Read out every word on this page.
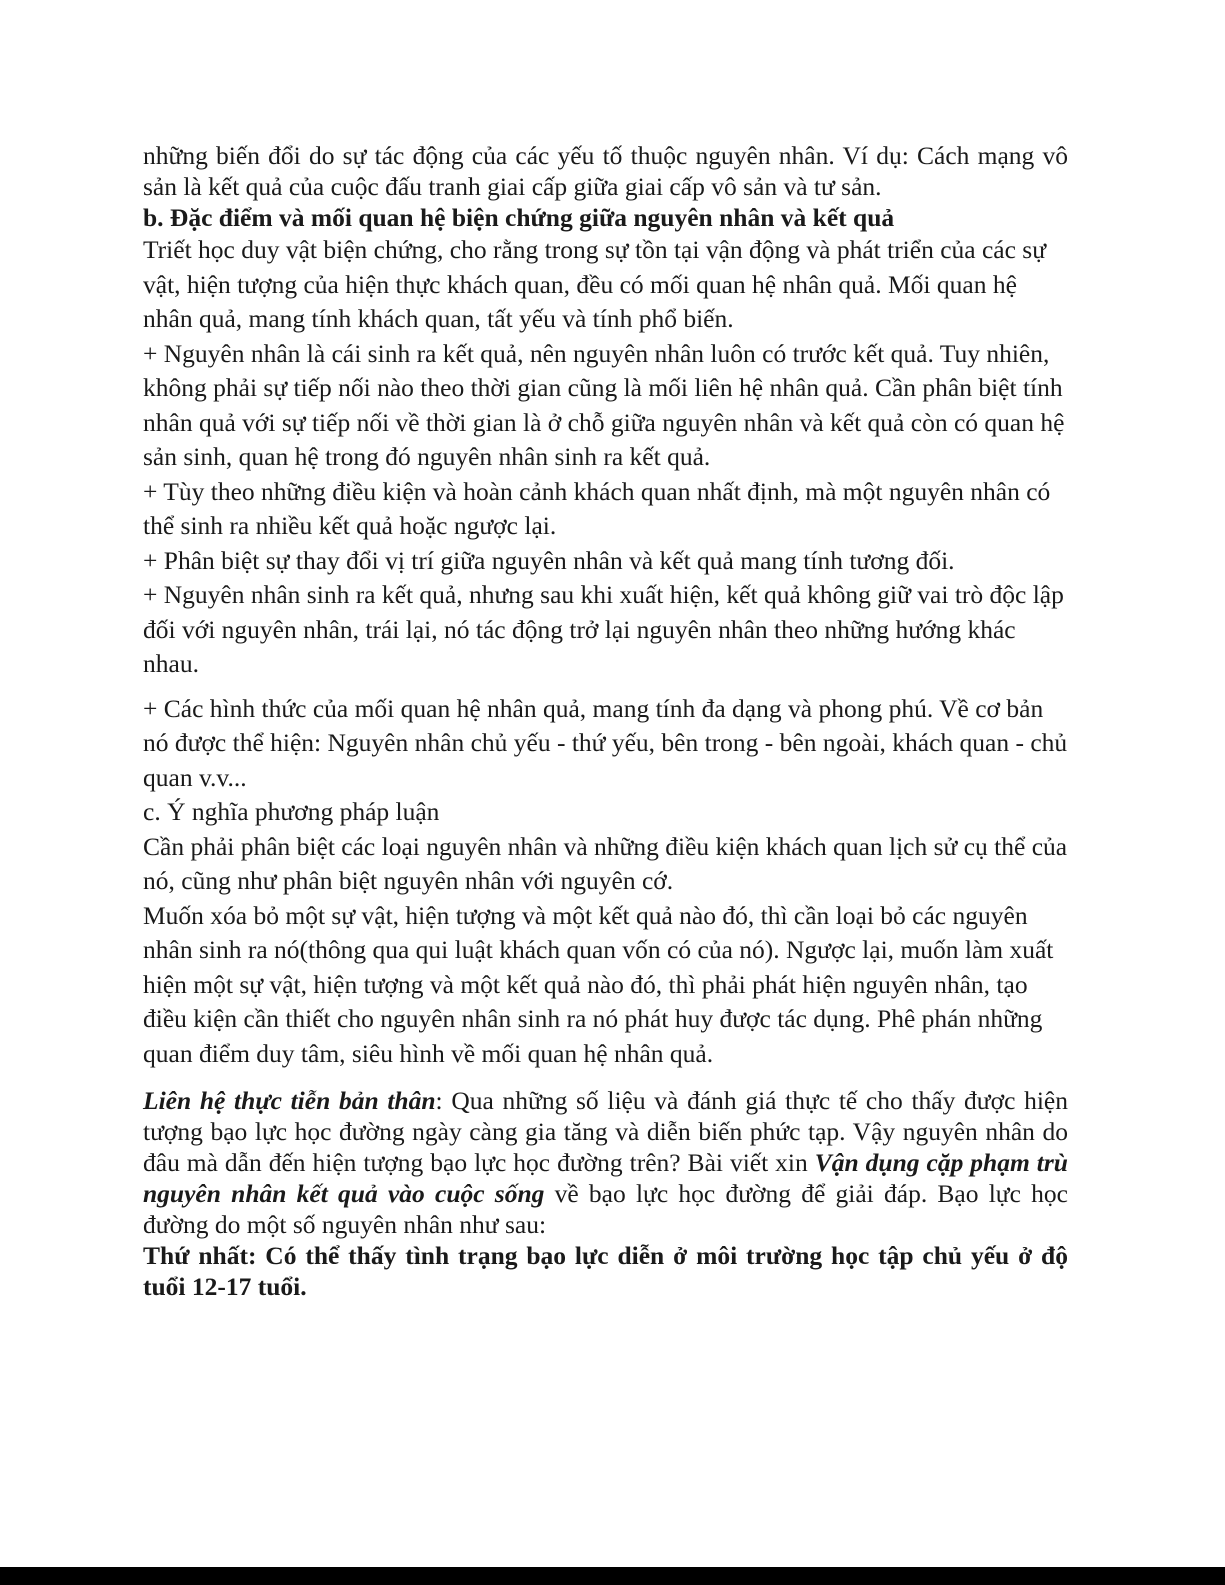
những biến đổi do sự tác động của các yếu tố thuộc nguyên nhân. Ví dụ: Cách mạng vô sản là kết quả của cuộc đấu tranh giai cấp giữa giai cấp vô sản và tư sản.

b. Đặc điểm và mối quan hệ biện chứng giữa nguyên nhân và kết quả

Triết học duy vật biện chứng, cho rằng trong sự tồn tại vận động và phát triển của các sự vật, hiện tượng của hiện thực khách quan, đều có mối quan hệ nhân quả. Mối quan hệ nhân quả, mang tính khách quan, tất yếu và tính phổ biến.

+ Nguyên nhân là cái sinh ra kết quả, nên nguyên nhân luôn có trước kết quả. Tuy nhiên, không phải sự tiếp nối nào theo thời gian cũng là mối liên hệ nhân quả. Cần phân biệt tính nhân quả với sự tiếp nối về thời gian là ở chỗ giữa nguyên nhân và kết quả còn có quan hệ sản sinh, quan hệ trong đó nguyên nhân sinh ra kết quả.

+ Tùy theo những điều kiện và hoàn cảnh khách quan nhất định, mà một nguyên nhân có thể sinh ra nhiều kết quả hoặc ngược lại.

+ Phân biệt sự thay đổi vị trí giữa nguyên nhân và kết quả mang tính tương đối.

+ Nguyên nhân sinh ra kết quả, nhưng sau khi xuất hiện, kết quả không giữ vai trò độc lập đối với nguyên nhân, trái lại, nó tác động trở lại nguyên nhân theo những hướng khác nhau.

+ Các hình thức của mối quan hệ nhân quả, mang tính đa dạng và phong phú. Về cơ bản nó được thể hiện: Nguyên nhân chủ yếu - thứ yếu, bên trong - bên ngoài, khách quan - chủ quan v.v...

c. Ý nghĩa phương pháp luận

Cần phải phân biệt các loại nguyên nhân và những điều kiện khách quan lịch sử cụ thể của nó, cũng như phân biệt nguyên nhân với nguyên cớ.

Muốn xóa bỏ một sự vật, hiện tượng và một kết quả nào đó, thì cần loại bỏ các nguyên nhân sinh ra nó(thông qua qui luật khách quan vốn có của nó). Ngược lại, muốn làm xuất hiện một sự vật, hiện tượng và một kết quả nào đó, thì phải phát hiện nguyên nhân, tạo điều kiện cần thiết cho nguyên nhân sinh ra nó phát huy được tác dụng. Phê phán những quan điểm duy tâm, siêu hình về mối quan hệ nhân quả.

Liên hệ thực tiễn bản thân: Qua những số liệu và đánh giá thực tế cho thấy được hiện tượng bạo lực học đường ngày càng gia tăng và diễn biến phức tạp. Vậy nguyên nhân do đâu mà dẫn đến hiện tượng bạo lực học đường trên? Bài viết xin Vận dụng cặp phạm trù nguyên nhân kết quả vào cuộc sống về bạo lực học đường để giải đáp. Bạo lực học đường do một số nguyên nhân như sau:

Thứ nhất: Có thể thấy tình trạng bạo lực diễn ở môi trường học tập chủ yếu ở độ tuổi 12-17 tuổi.
